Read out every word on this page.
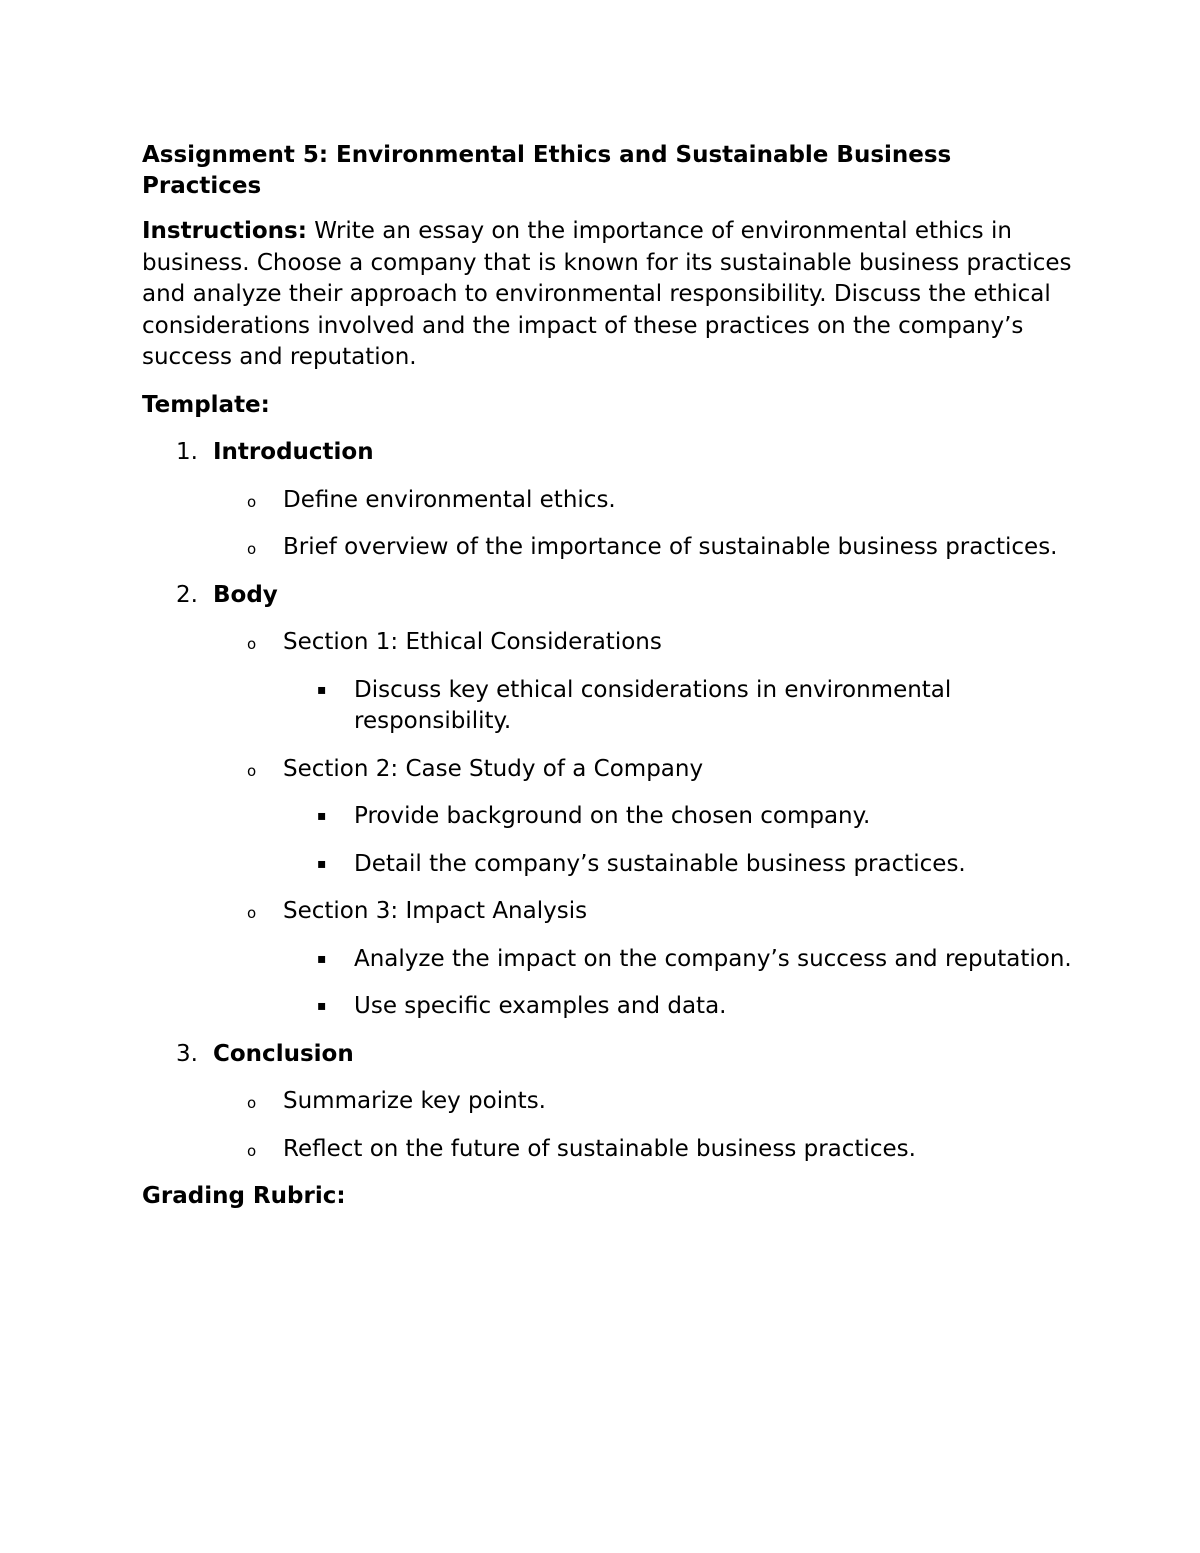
Assignment 5: Environmental Ethics and Sustainable Business Practices
Instructions: Write an essay on the importance of environmental ethics in business. Choose a company that is known for its sustainable business practices and analyze their approach to environmental responsibility. Discuss the ethical considerations involved and the impact of these practices on the company’s success and reputation.
Template:
1. Introduction
o Define environmental ethics.
o Brief overview of the importance of sustainable business practices.
2. Body
o Section 1: Ethical Considerations
▪ Discuss key ethical considerations in environmental responsibility.
o Section 2: Case Study of a Company
▪ Provide background on the chosen company.
▪ Detail the company’s sustainable business practices.
o Section 3: Impact Analysis
▪ Analyze the impact on the company’s success and reputation.
▪ Use specific examples and data.
3. Conclusion
o Summarize key points.
o Reflect on the future of sustainable business practices.
Grading Rubric:
